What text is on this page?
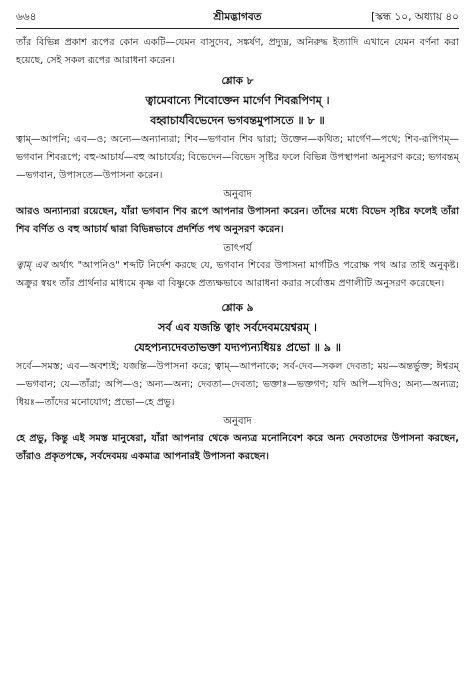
৬৬৪	শ্রীমদ্ভাগবত	[স্কন্ধ ১০, অধ্যায় ৪০

তাঁর বিভিন্ন প্রকাশ রূপের কোন একটি—যেমন বাসুদেব, সঙ্কর্ষণ, প্রদ্যুম্ন, অনিরুদ্ধ ইত্যাদি এখানে যেমন বর্ণনা করা হয়েছে, সেই সকল রূপের আরাধনা করেন।

শ্লোক ৮
ত্বামেবান্যে শিবোক্তেন মার্গেণ শিবরূপিণম্ ।
বহ্বাচার্যবিভেদেন ভগবন্তমুপাসতে ॥ ৮ ॥

ত্বাম্—আপনি; এব—ও; অন্যে—অন্যান্যরা; শিব—ভগবান শিব দ্বারা; উক্তেন—কথিত; মার্গেণ—পথে; শিব-রূপিণম্—ভগবান শিবরূপে; বহু-আচার্য—বহু আচার্যের; বিভেদেন—বিভেদ সৃষ্টির ফলে বিভিন্ন উপস্থাপনা অনুসরণ করে; ভগবন্তম্—ভগবান, উপাসতে—উপাসনা করেন।

অনুবাদ

আরও অন্যান্যরা রয়েছেন, যাঁরা ভগবান শিব রূপে আপনার উপাসনা করেন। তাঁদের মধ্যে বিভেদ সৃষ্টির ফলেই তাঁরা শিব বর্ণিত ও বহু আচার্য দ্বারা বিভিন্নভাবে প্রদর্শিত পথ অনুসরণ করেন।

তাৎপর্য

ত্বাম্ এব অর্থাৎ "আপনিও" শব্দটি নির্দেশ করছে যে, ভগবান শিবের উপাসনা মার্গটিও পরোক্ষ পথ আর তাই অনুকৃষ্ট। অক্রুর স্বয়ং তাঁর প্রার্থনার মাধ্যমে কৃষ্ণ বা বিষ্ণুকে প্রত্যক্ষভাবে আরাধনা করার সর্বোত্তম প্রণালীটি অনুসরণ করেছেন।

শ্লোক ৯
সর্ব এব যজন্তি ত্বাং সর্বদেবময়েশ্বরম্ ।
যেহপ্যন্যদেবতাভক্তা যদ্যপ্যন্যধিয়ঃ প্রভো ॥ ৯ ॥

সর্বে—সমস্ত; এব—অবশ্যই; যজন্তি—উপাসনা করে; ত্বাম্—আপনাকে; সর্ব-দেব—সকল দেবতা; ময়—অন্তর্ভুক্ত; ঈশ্বরম্—ভগবান; যে—তাঁরা; অপি—ও; অন্য—অন্য; দেবতা—দেবতা; ভক্তাঃ—ভক্তগণ; যদি অপি—যদিও; অন্য—অন্যত্র; ধিয়ঃ—তাঁদের মনোযোগ; প্রভো—হে প্রভু।

অনুবাদ

হে প্রভু, কিন্তু এই সমস্ত মানুষেরা, যাঁরা আপনার থেকে অন্যত্র মনোনিবেশ করে অন্য দেবতাদের উপাসনা করছেন, তাঁরাও প্রকৃতপক্ষে, সর্বদেবময় একমাত্র আপনারই উপাসনা করছেন।
